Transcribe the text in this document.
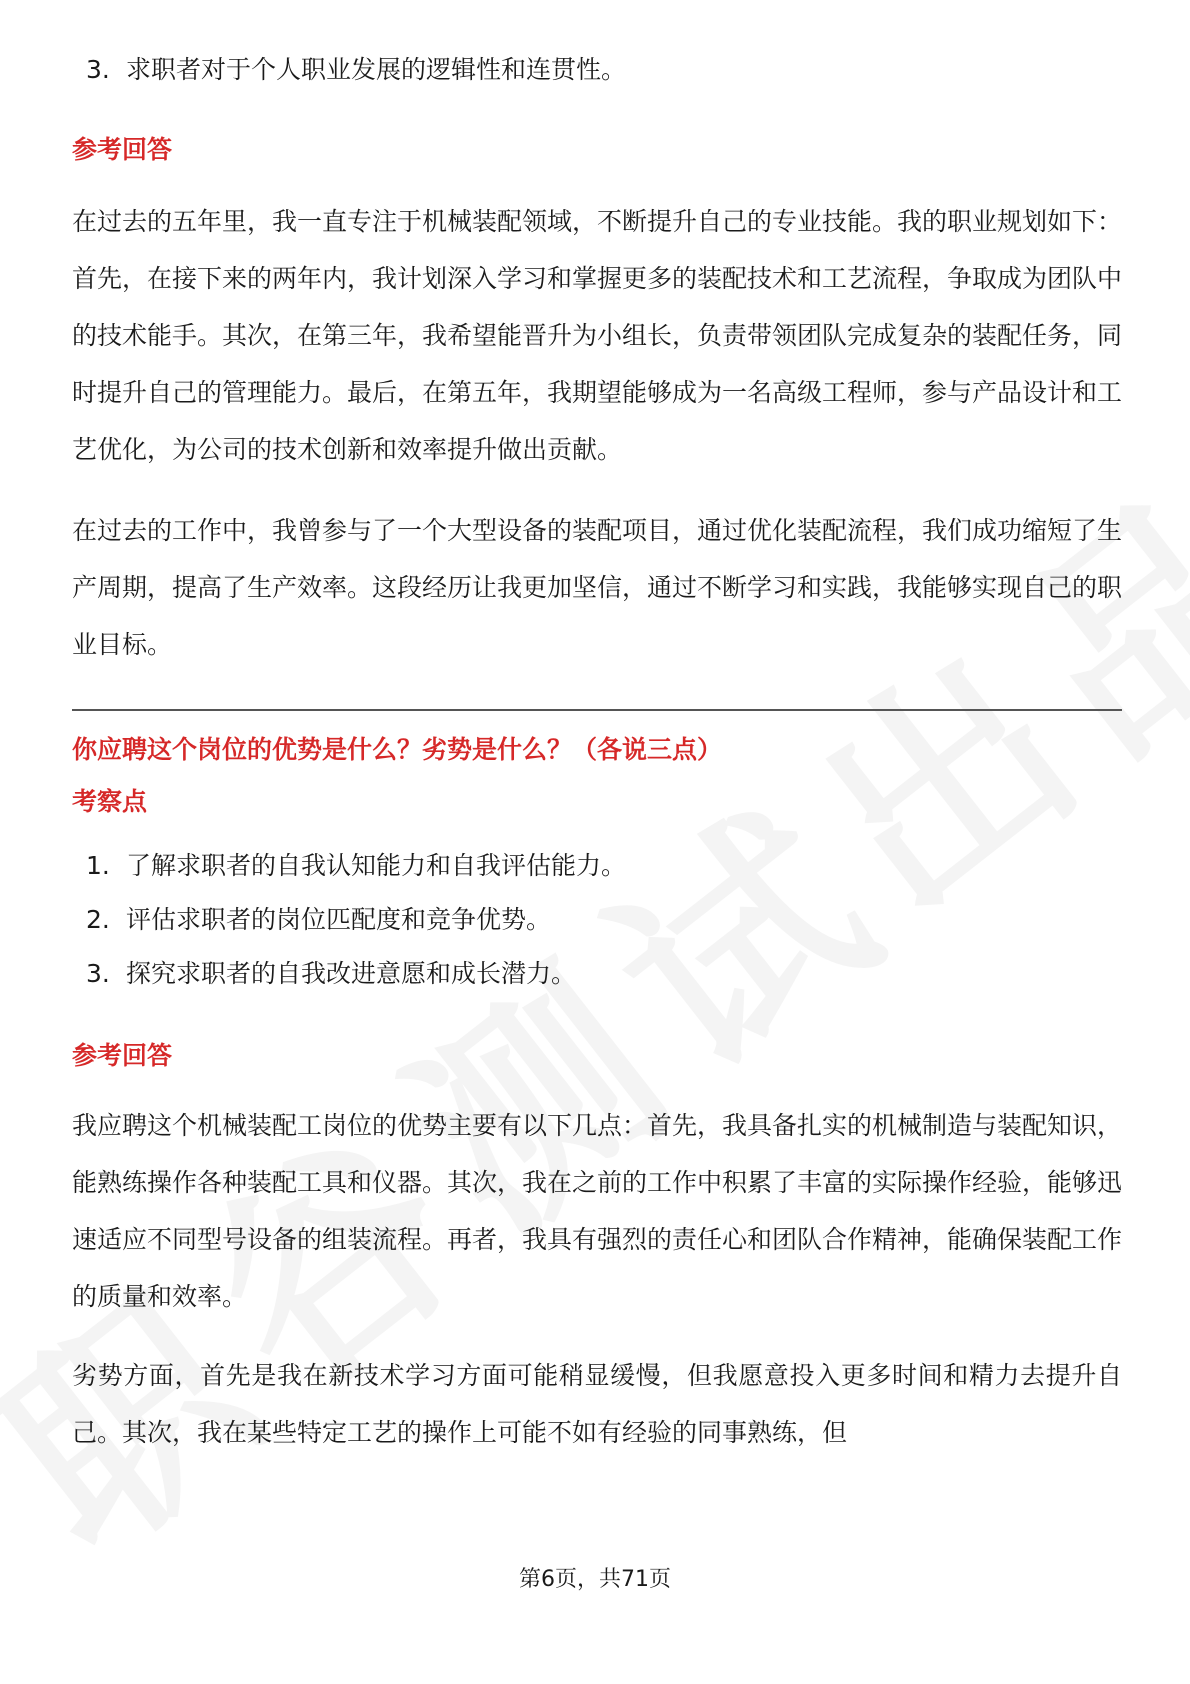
3. 求职者对于个人职业发展的逻辑性和连贯性。
参考回答
在过去的五年里，我一直专注于机械装配领域，不断提升自己的专业技能。我的职业规划如下：首先，在接下来的两年内，我计划深入学习和掌握更多的装配技术和工艺流程，争取成为团队中的技术能手。其次，在第三年，我希望能晋升为小组长，负责带领团队完成复杂的装配任务，同时提升自己的管理能力。最后，在第五年，我期望能够成为一名高级工程师，参与产品设计和工艺优化，为公司的技术创新和效率提升做出贡献。
在过去的工作中，我曾参与了一个大型设备的装配项目，通过优化装配流程，我们成功缩短了生产周期，提高了生产效率。这段经历让我更加坚信，通过不断学习和实践，我能够实现自己的职业目标。
你应聘这个岗位的优势是什么？劣势是什么？（各说三点）
考察点
1. 了解求职者的自我认知能力和自我评估能力。
2. 评估求职者的岗位匹配度和竞争优势。
3. 探究求职者的自我改进意愿和成长潜力。
参考回答
我应聘这个机械装配工岗位的优势主要有以下几点：首先，我具备扎实的机械制造与装配知识，能熟练操作各种装配工具和仪器。其次，我在之前的工作中积累了丰富的实际操作经验，能够迅速适应不同型号设备的组装流程。再者，我具有强烈的责任心和团队合作精神，能确保装配工作的质量和效率。
劣势方面，首先是我在新技术学习方面可能稍显缓慢，但我愿意投入更多时间和精力去提升自己。其次，我在某些特定工艺的操作上可能不如有经验的同事熟练，但
第6页，共71页
